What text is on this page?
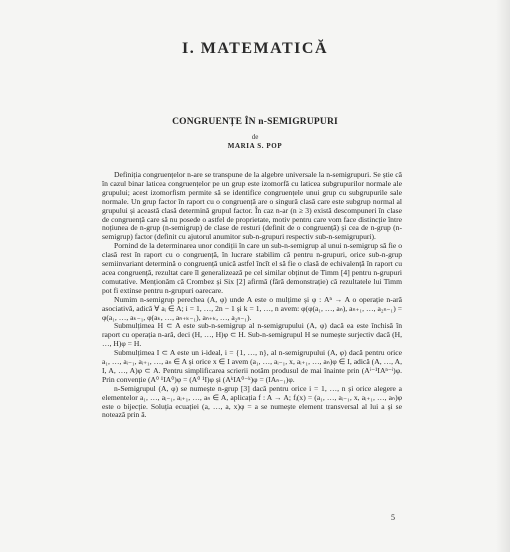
I. MATEMATICĂ
CONGRUENȚE ÎN n-SEMIGRUPURI
de
MARIA S. POP

Definiția congruențelor n-are se transpune de la algebre universale la n-semigrupuri. Se știe că în cazul binar laticea congruențelor pe un grup este izomorfă cu laticea subgrupurilor normale ale grupului; acest izomorfism permite să se identifice congruențele unui grup cu subgrupurile sale normale. Un grup factor în raport cu o congruență are o singură clasă care este subgrup normal al grupului și această clasă determină grupul factor. În caz n-ar (n ≥ 3) există descompuneri în clase de congruență care să nu posede o astfel de proprietate, motiv pentru care vom face distincție între noțiunea de n-grup (n-semigrup) de clase de resturi (definit de o congruență) și cea de n-grup (n-semigrup) factor (definit cu ajutorul anumitor sub-n-grupuri respectiv sub-n-semigrupuri).

Pornind de la determinarea unor condiții în care un sub-n-semigrup al unui n-semigrup să fie o clasă rest în raport cu o congruență, în lucrare stabilim că pentru n-grupuri, orice sub-n-grup semiinvariant determină o congruență unică astfel încît el să fie o clasă de echivalență în raport cu acea congruență, rezultat care îl generalizează pe cel similar obținut de Timm [4] pentru n-grupuri comutative. Menționăm că Crombez și Six [2] afirmă (fără demonstrație) că rezultatele lui Timm pot fi extinse pentru n-grupuri oarecare.

Numim n-semigrup perechea (A, φ) unde A este o mulțime și φ : Aⁿ → A o operație n-ară asociativă, adică ∀ aᵢ ∈ A; i = 1, …, 2n − 1 și k = 1, …, n avem: φ(φ(a₁, …, aₙ), aₙ₊₁, …, a₂ₙ₋₁) = φ(a₁, …, aₖ₋₁, φ(aₖ, …, aₙ₊ₖ₋₁), aₙ₊ₖ, …, a₂ₙ₋₁).

Submulțimea H ⊂ A este sub-n-semigrup al n-semigrupului (A, φ) dacă ea este închisă în raport cu operația n-ară, deci (H, …, H)φ ⊂ H. Sub-n-semigrupul H se numește surjectiv dacă (H, …, H)φ = H.

Submulțimea I ⊂ A este un i-ideal, i = {1, …, n}, al n-semigrupului (A, φ) dacă pentru orice a₁, …, aᵢ₋₁, aᵢ₊₁, …, aₙ ∈ A și orice x ∈ I avem (a₁, …, aᵢ₋₁, x, aᵢ₊₁, …, aₙ)φ ∈ I, adică (A, …, A, I, A, …, A)φ ⊂ A. Pentru simplificarea scrierii notăm produsul de mai înainte prin (Aⁱ⁻¹IAⁿ⁻ⁱ)φ. Prin convenție (A⁰ ¹IA⁰)φ = (A⁰ ¹I)φ și (AᵏIA⁰⁻ᵏ)φ = (IAₙ₋₁)φ.

n-Semigrupul (A, φ) se numește n-grup [3] dacă pentru orice i = 1, …, n și orice alegere a elementelor a₁, …, aᵢ₋₁, aᵢ₊₁, …, aₙ ∈ A, aplicația f : A → A; fᵢ(x) = (a₁, …, aᵢ₋₁, x, aᵢ₊₁, …, aₙ)φ este o bijecție. Soluția ecuației (a, …, a, x)φ = a se numește element transversal al lui a și se notează prin ā.

5
